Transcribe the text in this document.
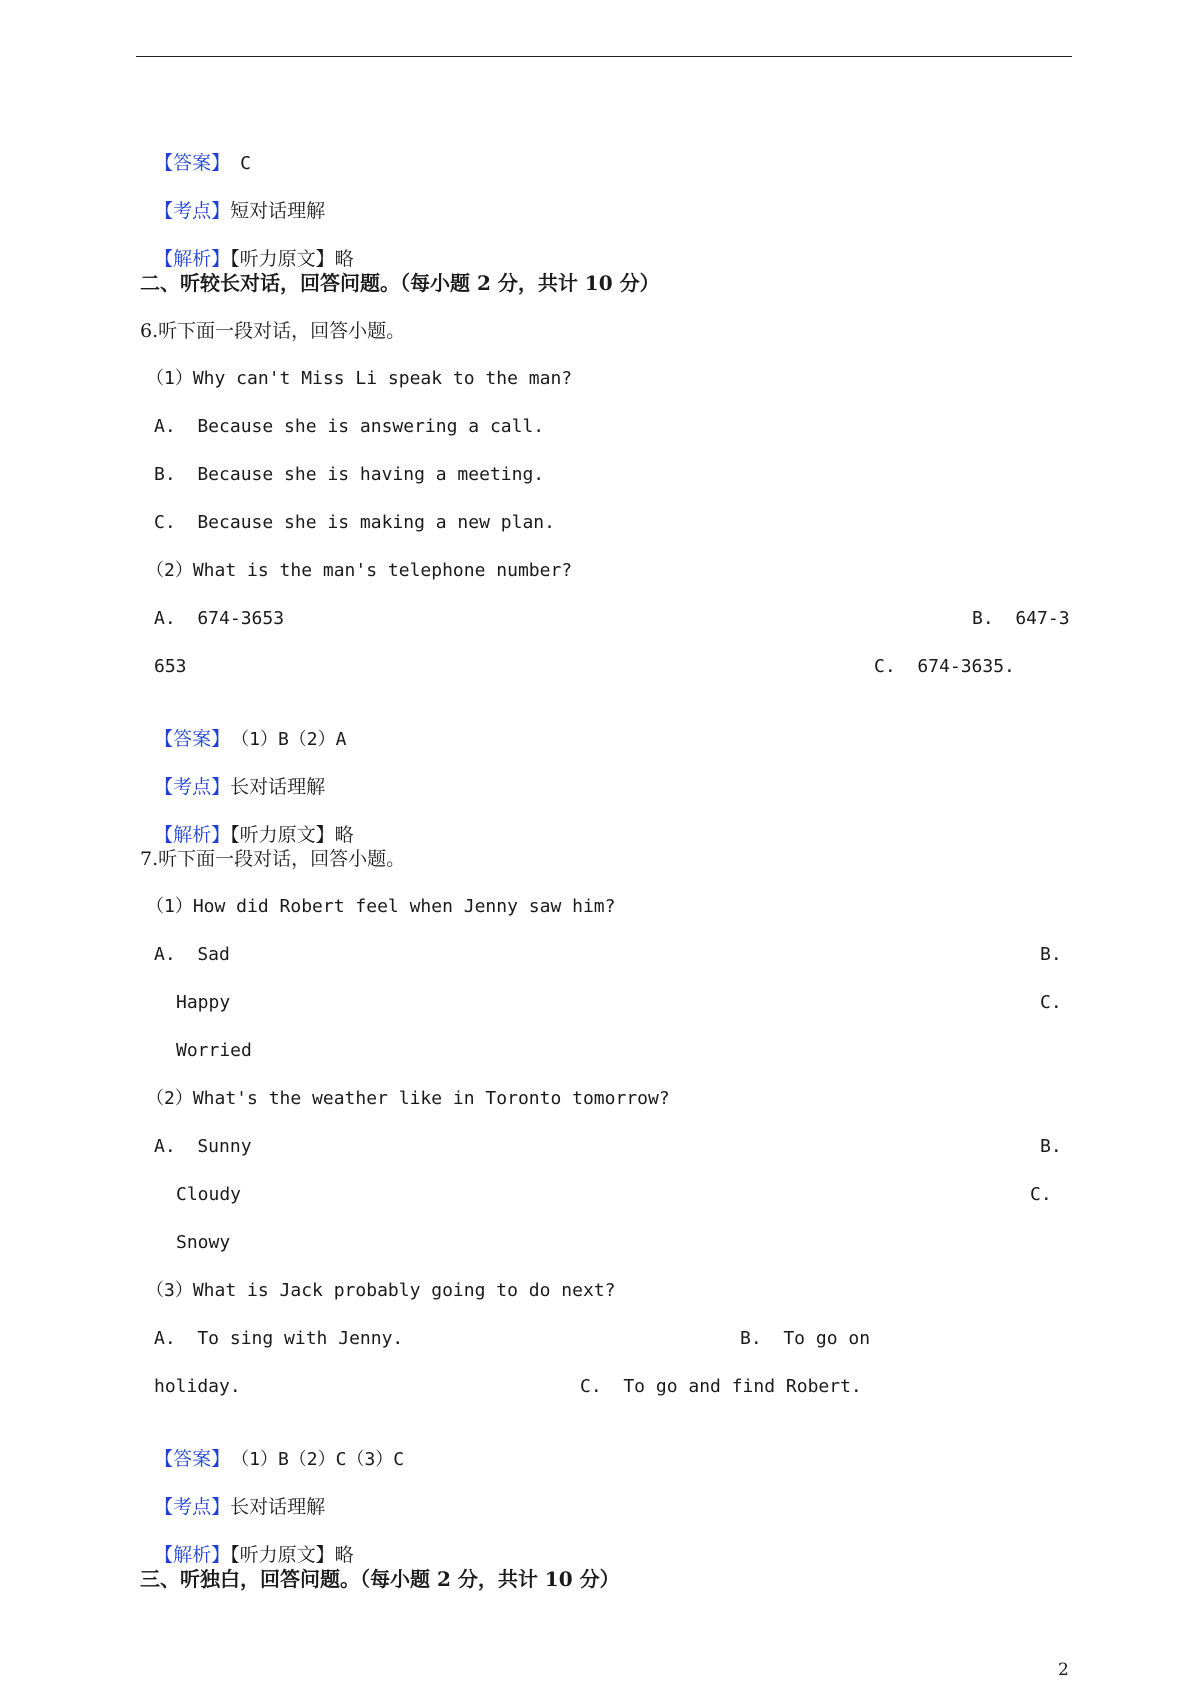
【答案】 C

【考点】短对话理解

【解析】【听力原文】略

二、听较长对话，回答问题。（每小题 2 分，共计 10 分）
6.听下面一段对话，回答小题。
（1）Why can't Miss Li speak to the man?
A.  Because she is answering a call.
B.  Because she is having a meeting.
C.  Because she is making a new plan.
（2）What is the man's telephone number?
A.  674-3653	B.  647-3
653	C.  674-3635.

【答案】 （1）B（2）A

【考点】长对话理解

【解析】【听力原文】略

7.听下面一段对话，回答小题。
（1）How did Robert feel when Jenny saw him?
A.  Sad	B.
Happy	C.
Worried
（2）What's the weather like in Toronto tomorrow?
A.  Sunny	B.
Cloudy	C.
Snowy
（3）What is Jack probably going to do next?
A.  To sing with Jenny.	B.  To go on
holiday.	C.  To go and find Robert.

【答案】 （1）B（2）C（3）C

【考点】长对话理解

【解析】【听力原文】略

三、听独白，回答问题。（每小题 2 分，共计 10 分）
2
